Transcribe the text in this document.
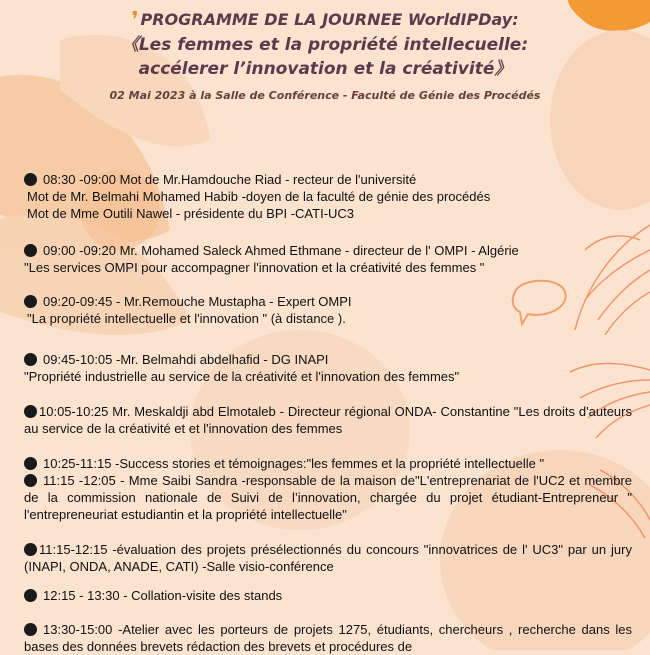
❜ PROGRAMME DE LA JOURNEE WorldIPDay:
《Les femmes et la propriété intellecuelle:
accélerer l’innovation et la créativité》
02 Mai 2023 à la Salle de Conférence - Faculté de Génie des Procédés
08:30 -09:00 Mot de Mr.Hamdouche Riad - recteur de l'université
Mot de Mr. Belmahi Mohamed Habib -doyen de la faculté de génie des procédés
Mot de Mme Outili Nawel - présidente du BPI -CATI-UC3
09:00 -09:20 Mr. Mohamed Saleck Ahmed Ethmane - directeur de l' OMPI - Algérie
"Les services OMPI pour accompagner l'innovation et la créativité des femmes "
09:20-09:45 - Mr.Remouche Mustapha - Expert OMPI
"La propriété intellectuelle et l'innovation " (à distance ).
09:45-10:05 -Mr. Belmahdi abdelhafid - DG INAPI
"Propriété industrielle au service de la créativité et l'innovation des femmes"
10:05-10:25 Mr. Meskaldji abd Elmotaleb - Directeur régional ONDA- Constantine "Les droits d'auteurs au service de la créativité et et l'innovation des femmes
10:25-11:15 -Success stories et témoignages:"les femmes et la propriété intellectuelle "
11:15 -12:05 - Mme Saibi Sandra -responsable de la maison de"L'entreprenariat de l'UC2 et membre de la commission nationale de Suivi de l’innovation, chargée du projet étudiant-Entrepreneur " l'entrepreneuriat estudiantin et la propriété intellectuelle"
11:15-12:15 -évaluation des projets présélectionnés du concours "innovatrices de l' UC3" par un jury (INAPI, ONDA, ANADE, CATI) -Salle visio-conférence
12:15 - 13:30 - Collation-visite des stands
13:30-15:00 -Atelier avec les porteurs de projets 1275, étudiants, chercheurs , recherche dans les bases des données brevets rédaction des brevets et procédures de
